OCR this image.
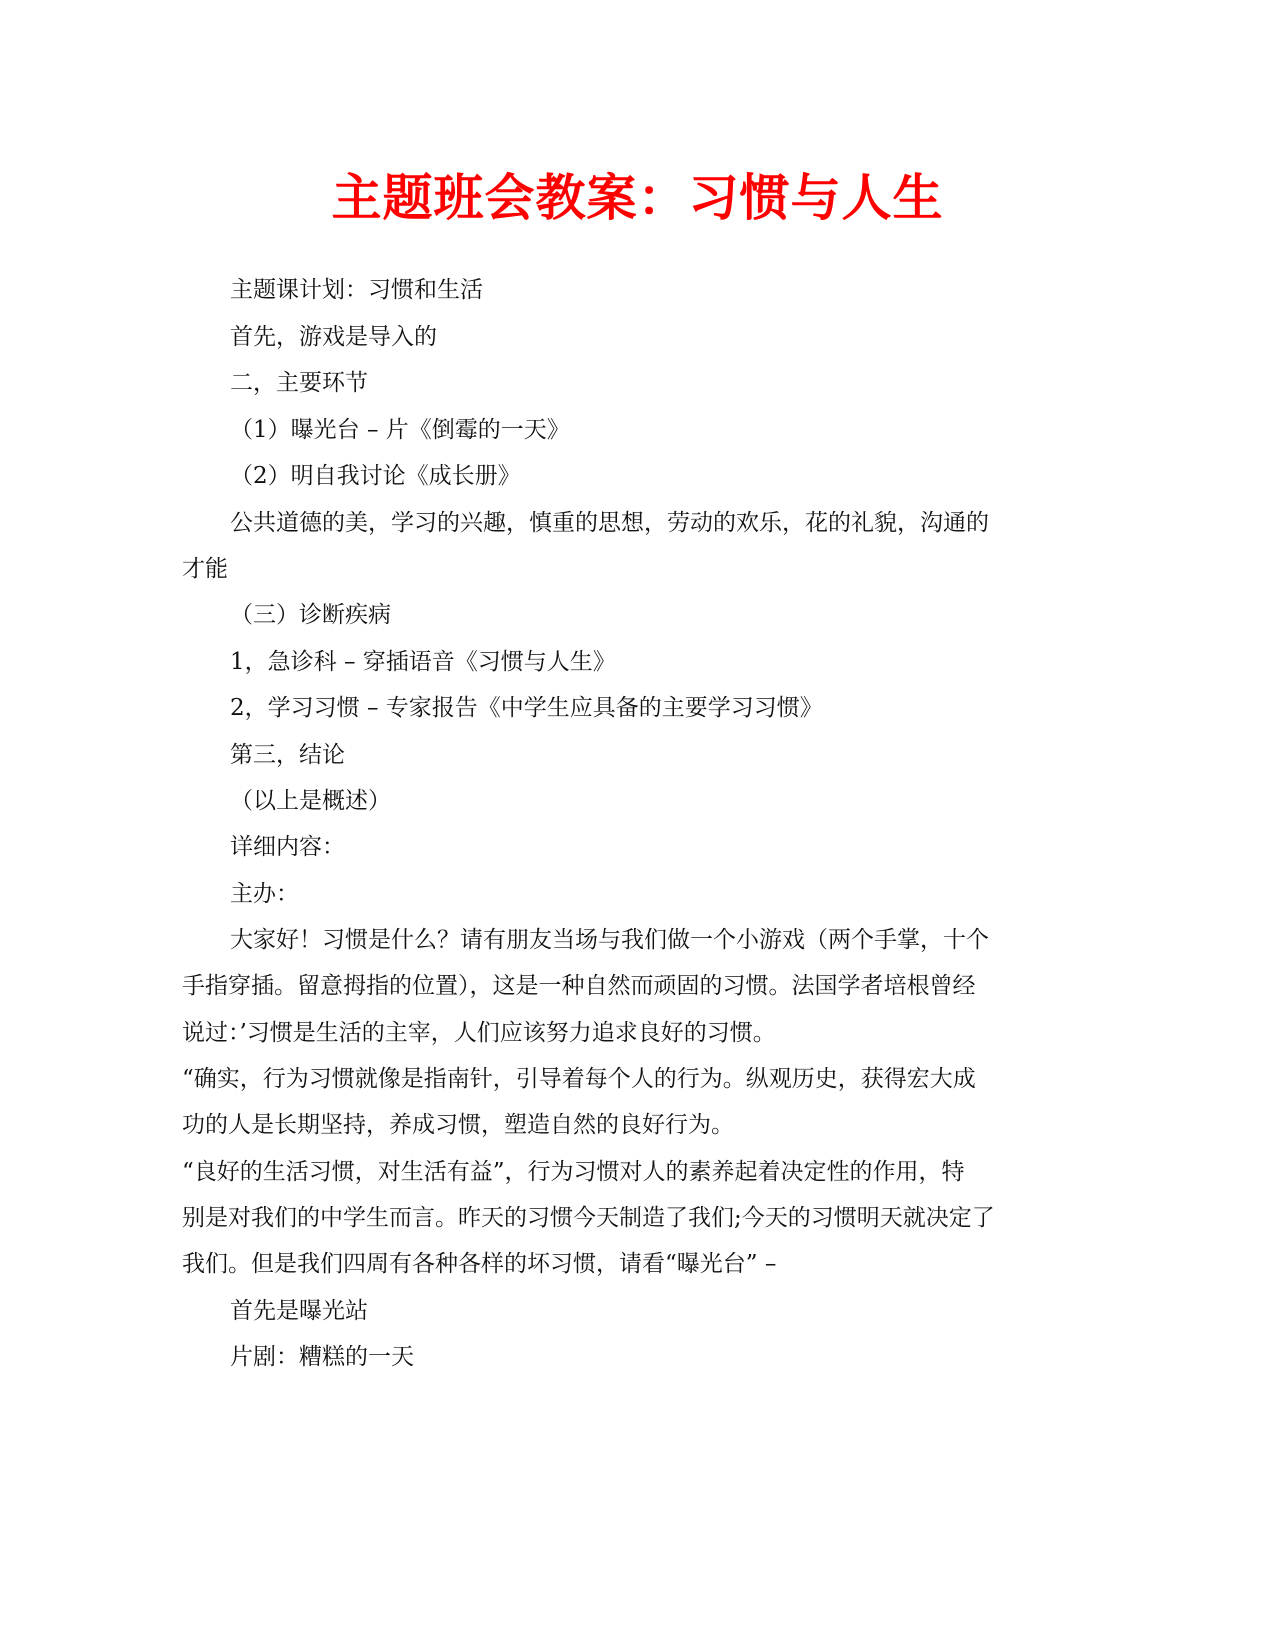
主题班会教案：习惯与人生
主题课计划：习惯和生活
首先，游戏是导入的
二，主要环节
（1）曝光台 – 片《倒霉的一天》
（2）明自我讨论《成长册》
公共道德的美，学习的兴趣，慎重的思想，劳动的欢乐，花的礼貌，沟通的
才能
（三）诊断疾病
1，急诊科 – 穿插语音《习惯与人生》
2，学习习惯 – 专家报告《中学生应具备的主要学习习惯》
第三，结论
（以上是概述）
详细内容：
主办：
大家好！习惯是什么？请有朋友当场与我们做一个小游戏（两个手掌，十个
手指穿插。留意拇指的位置），这是一种自然而顽固的习惯。法国学者培根曾经
说过：’习惯是生活的主宰，人们应该努力追求良好的习惯。
“确实，行为习惯就像是指南针，引导着每个人的行为。纵观历史，获得宏大成
功的人是长期坚持，养成习惯，塑造自然的良好行为。
“良好的生活习惯，对生活有益”，行为习惯对人的素养起着决定性的作用，特
别是对我们的中学生而言。昨天的习惯今天制造了我们;今天的习惯明天就决定了
我们。但是我们四周有各种各样的坏习惯，请看“曝光台” –
首先是曝光站
片剧：糟糕的一天
